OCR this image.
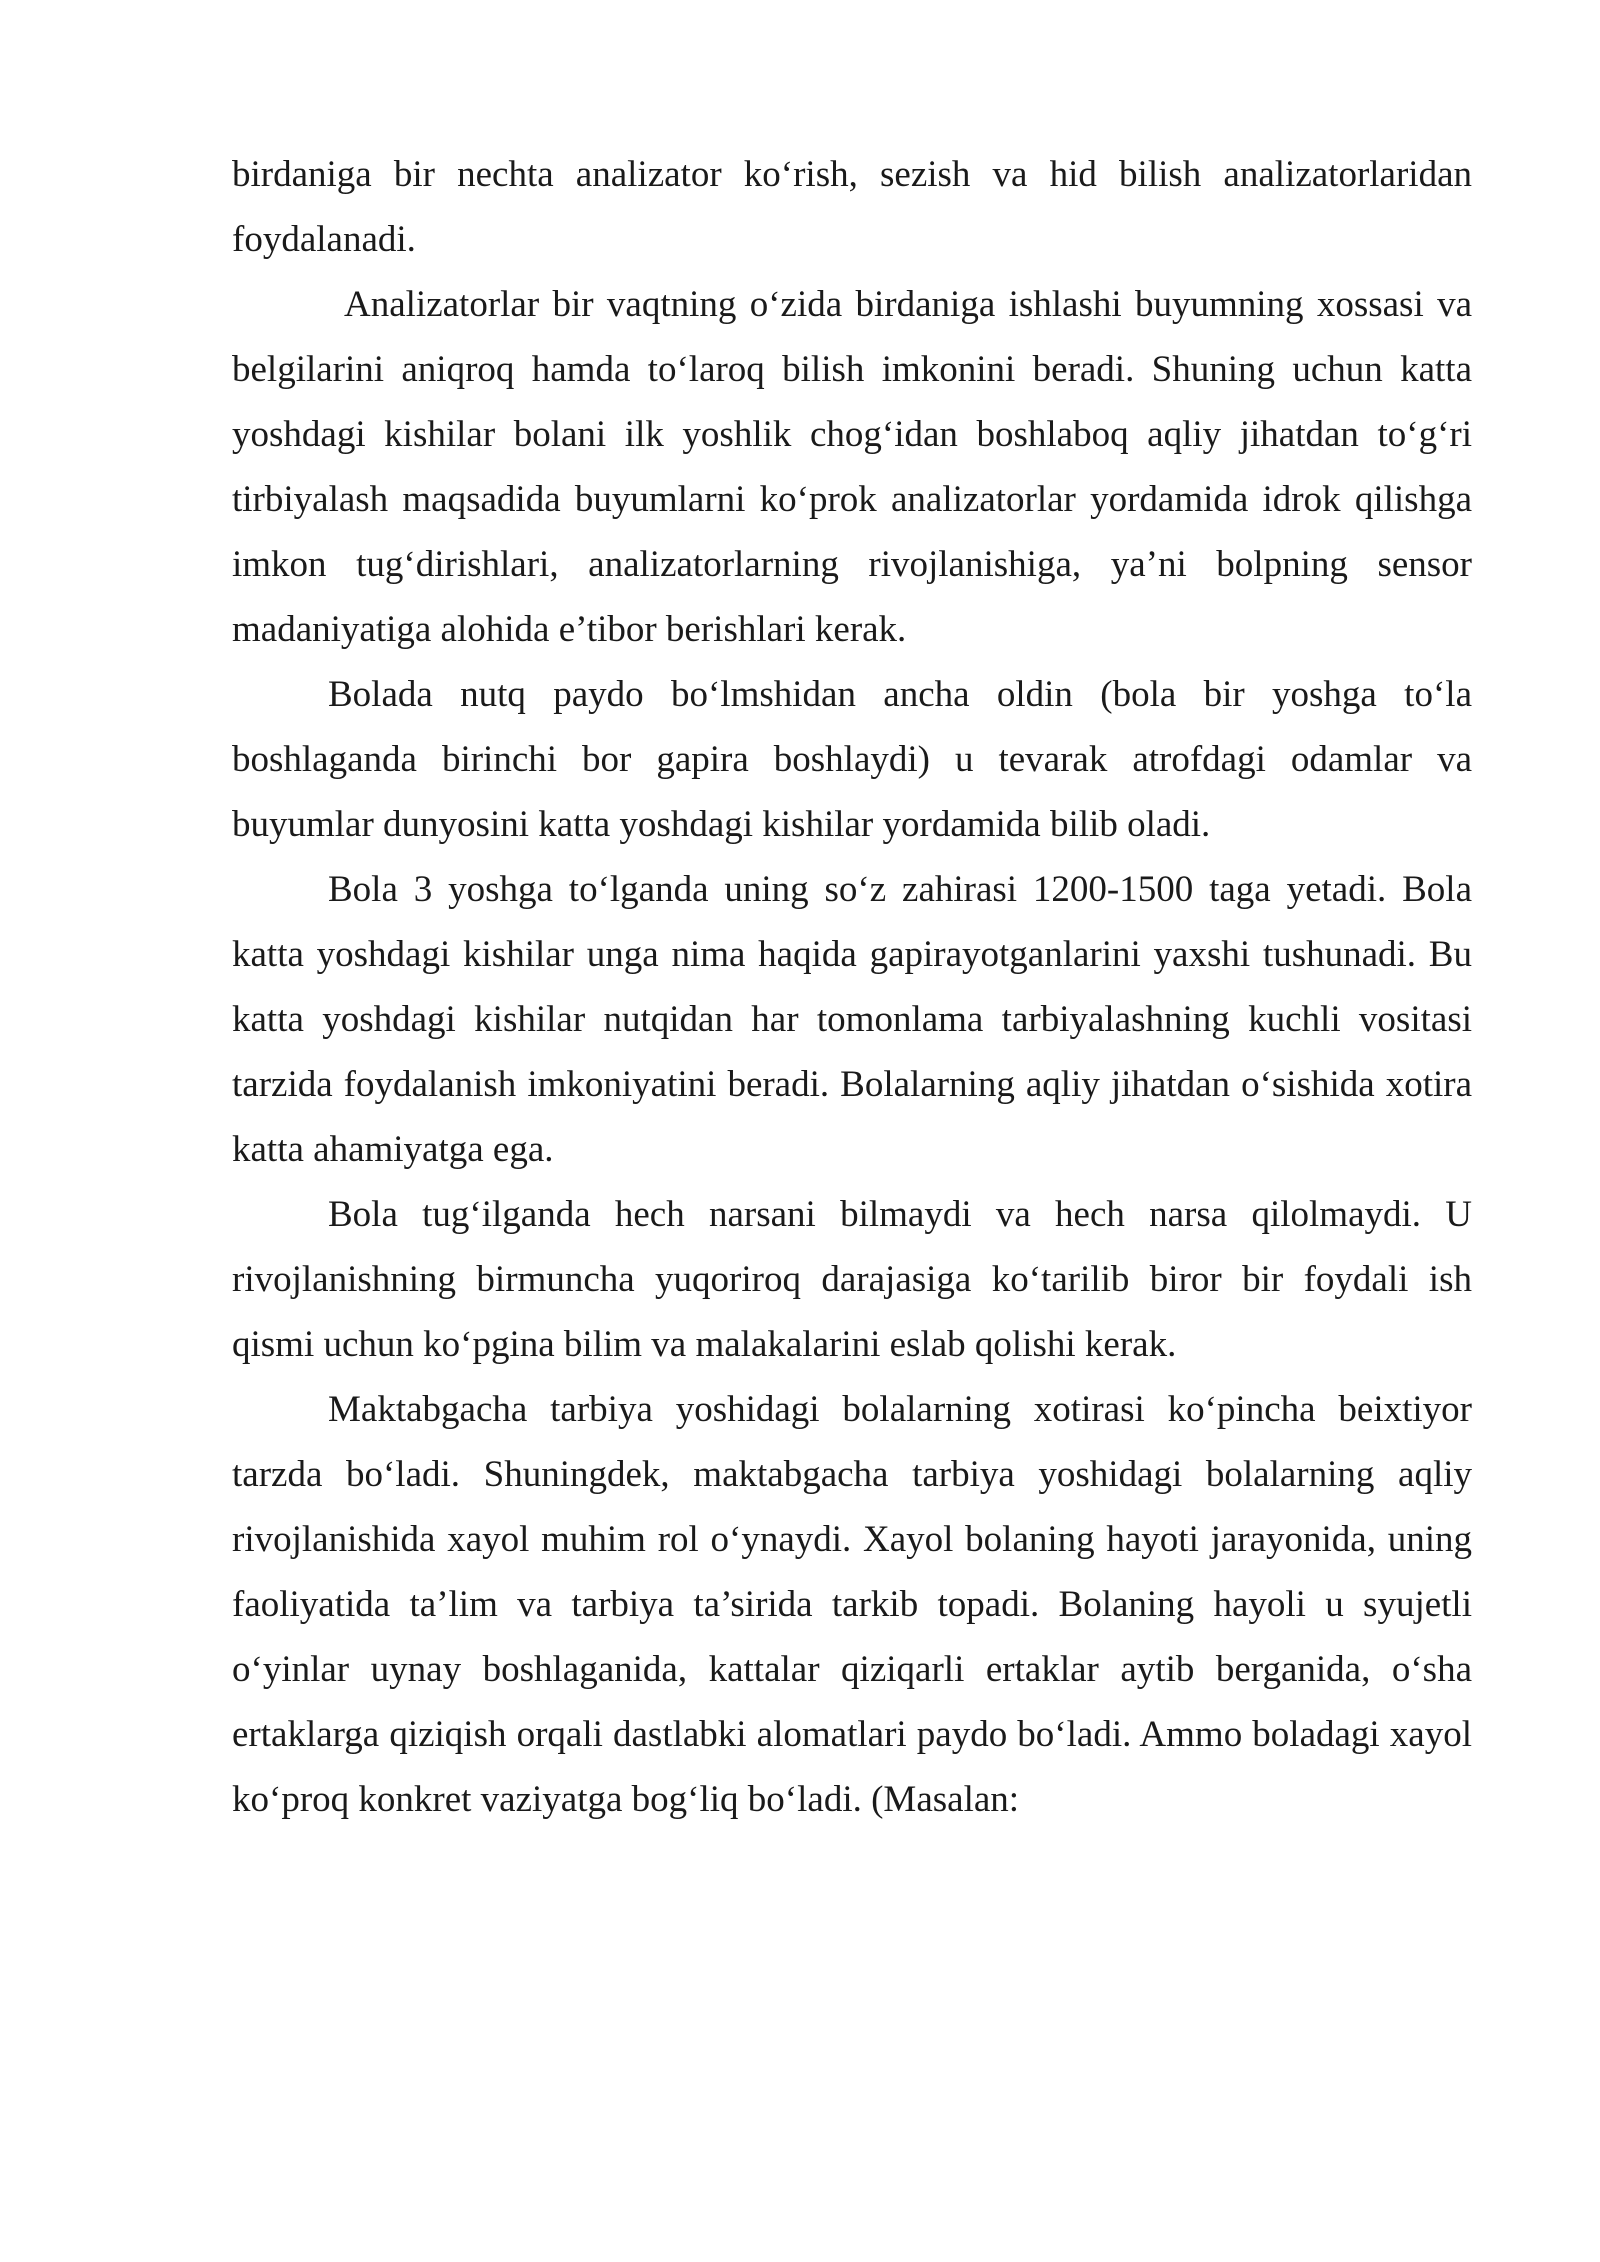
birdaniga bir nechta analizator ko‘rish, sezish va hid bilish analizatorlaridan foydalanadi.

Analizatorlar bir vaqtning o‘zida birdaniga ishlashi buyumning xossasi va belgilarini aniqroq hamda to‘laroq bilish imkonini beradi. Shuning uchun katta yoshdagi kishilar bolani ilk yoshlik chog‘idan boshlaboq aqliy jihatdan to‘g‘ri tirbiyalash maqsadida buyumlarni ko‘prok analizatorlar yordamida idrok qilishga imkon tug‘dirishlari, analizatorlarning rivojlanishiga, ya’ni bolpning sensor madaniyatiga alohida e’tibor berishlari kerak.

Bolada nutq paydo bo‘lmshidan ancha oldin (bola bir yoshga to‘la boshlaganda birinchi bor gapira boshlaydi) u tevarak atrofdagi odamlar va buyumlar dunyosini katta yoshdagi kishilar yordamida bilib oladi.

Bola 3 yoshga to‘lganda uning so‘z zahirasi 1200-1500 taga yetadi. Bola katta yoshdagi kishilar unga nima haqida gapirayotganlarini yaxshi tushunadi. Bu katta yoshdagi kishilar nutqidan har tomonlama tarbiyalashning kuchli vositasi tarzida foydalanish imkoniyatini beradi. Bolalarning aqliy jihatdan o‘sishida xotira katta ahamiyatga ega.

Bola tug‘ilganda hech narsani bilmaydi va hech narsa qilolmaydi. U rivojlanishning birmuncha yuqoriroq darajasiga ko‘tarilib biror bir foydali ish qismi uchun ko‘pgina bilim va malakalarini eslab qolishi kerak.

Maktabgacha tarbiya yoshidagi bolalarning xotirasi ko‘pincha beixtiyor tarzda bo‘ladi. Shuningdek, maktabgacha tarbiya yoshidagi bolalarning aqliy rivojlanishida xayol muhim rol o‘ynaydi. Xayol bolaning hayoti jarayonida, uning faoliyatida ta’lim va tarbiya ta’sirida tarkib topadi. Bolaning hayoli u syujetli o‘yinlar uynay boshlaganida, kattalar qiziqarli ertaklar aytib berganida, o‘sha ertaklarga qiziqish orqali dastlabki alomatlari paydo bo‘ladi. Ammo boladagi xayol ko‘proq konkret vaziyatga bog‘liq bo‘ladi. (Masalan:
